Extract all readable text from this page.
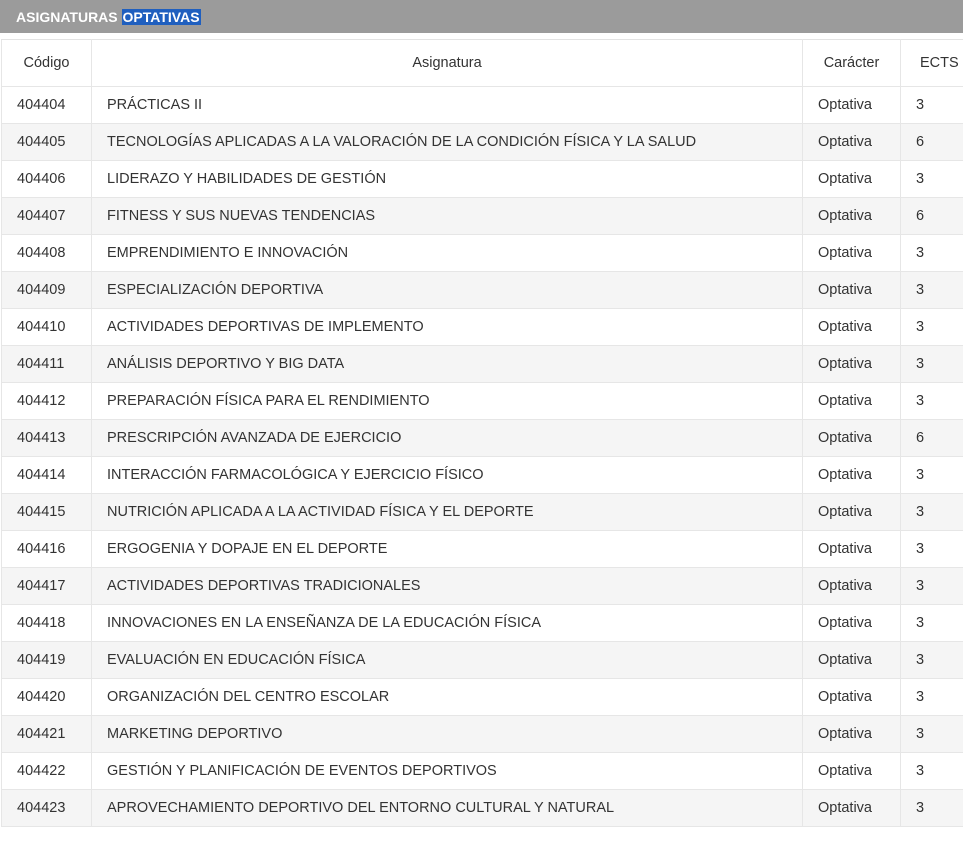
ASIGNATURAS OPTATIVAS
Código	Asignatura	Carácter	ECTS
404404	PRÁCTICAS II	Optativa	3
404405	TECNOLOGÍAS APLICADAS A LA VALORACIÓN DE LA CONDICIÓN FÍSICA Y LA SALUD	Optativa	6
404406	LIDERAZO Y HABILIDADES DE GESTIÓN	Optativa	3
404407	FITNESS Y SUS NUEVAS TENDENCIAS	Optativa	6
404408	EMPRENDIMIENTO E INNOVACIÓN	Optativa	3
404409	ESPECIALIZACIÓN DEPORTIVA	Optativa	3
404410	ACTIVIDADES DEPORTIVAS DE IMPLEMENTO	Optativa	3
404411	ANÁLISIS DEPORTIVO Y BIG DATA	Optativa	3
404412	PREPARACIÓN FÍSICA PARA EL RENDIMIENTO	Optativa	3
404413	PRESCRIPCIÓN AVANZADA DE EJERCICIO	Optativa	6
404414	INTERACCIÓN FARMACOLÓGICA Y EJERCICIO FÍSICO	Optativa	3
404415	NUTRICIÓN APLICADA A LA ACTIVIDAD FÍSICA Y EL DEPORTE	Optativa	3
404416	ERGOGENIA Y DOPAJE EN EL DEPORTE	Optativa	3
404417	ACTIVIDADES DEPORTIVAS TRADICIONALES	Optativa	3
404418	INNOVACIONES EN LA ENSEÑANZA DE LA EDUCACIÓN FÍSICA	Optativa	3
404419	EVALUACIÓN EN EDUCACIÓN FÍSICA	Optativa	3
404420	ORGANIZACIÓN DEL CENTRO ESCOLAR	Optativa	3
404421	MARKETING DEPORTIVO	Optativa	3
404422	GESTIÓN Y PLANIFICACIÓN DE EVENTOS DEPORTIVOS	Optativa	3
404423	APROVECHAMIENTO DEPORTIVO DEL ENTORNO CULTURAL Y NATURAL	Optativa	3
